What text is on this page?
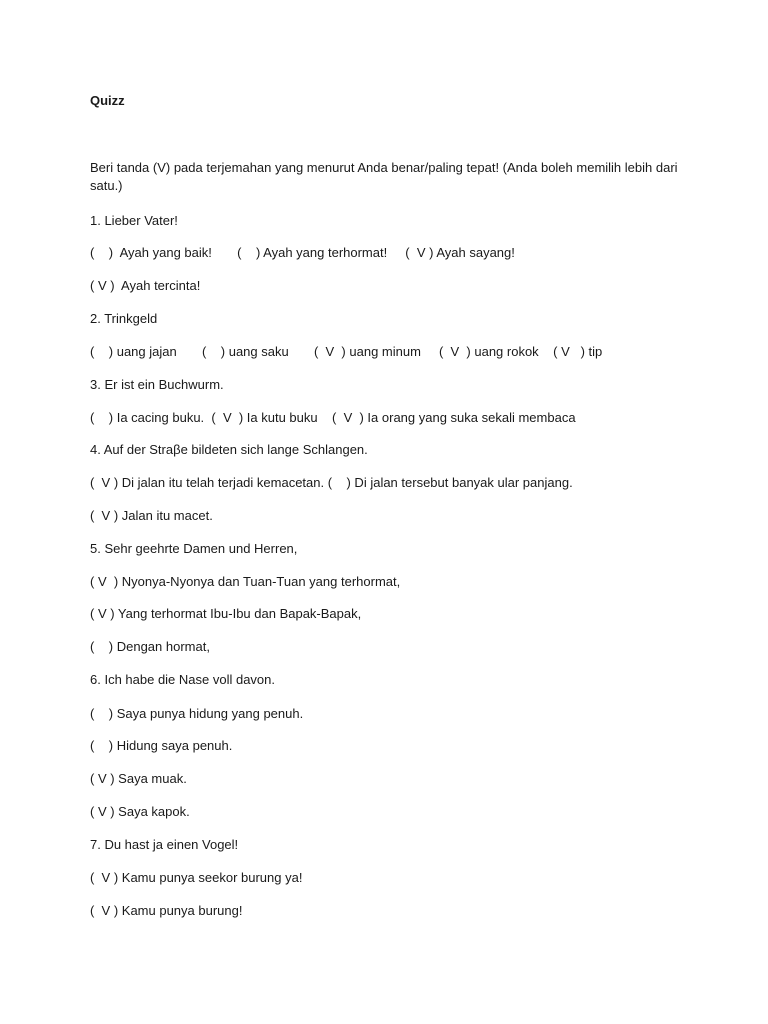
Quizz

Beri tanda (V) pada terjemahan yang menurut Anda benar/paling tepat! (Anda boleh memilih lebih dari satu.)

1. Lieber Vater!

(    )  Ayah yang baik!       (    ) Ayah yang terhormat!     (  V ) Ayah sayang!

( V )  Ayah tercinta!

2. Trinkgeld

(    ) uang jajan       (    ) uang saku       (  V  ) uang minum     (  V  ) uang rokok    ( V   ) tip

3. Er ist ein Buchwurm.

(    ) Ia cacing buku.  (  V  ) Ia kutu buku    (  V  ) Ia orang yang suka sekali membaca

4. Auf der Straβe bildeten sich lange Schlangen.

(  V ) Di jalan itu telah terjadi kemacetan. (    ) Di jalan tersebut banyak ular panjang.

(  V ) Jalan itu macet.

5. Sehr geehrte Damen und Herren,

( V  ) Nyonya-Nyonya dan Tuan-Tuan yang terhormat,

( V ) Yang terhormat Ibu-Ibu dan Bapak-Bapak,

(    ) Dengan hormat,

6. Ich habe die Nase voll davon.

(    ) Saya punya hidung yang penuh.

(    ) Hidung saya penuh.

( V ) Saya muak.

( V ) Saya kapok.

7. Du hast ja einen Vogel!

(  V ) Kamu punya seekor burung ya!

(  V ) Kamu punya burung!
